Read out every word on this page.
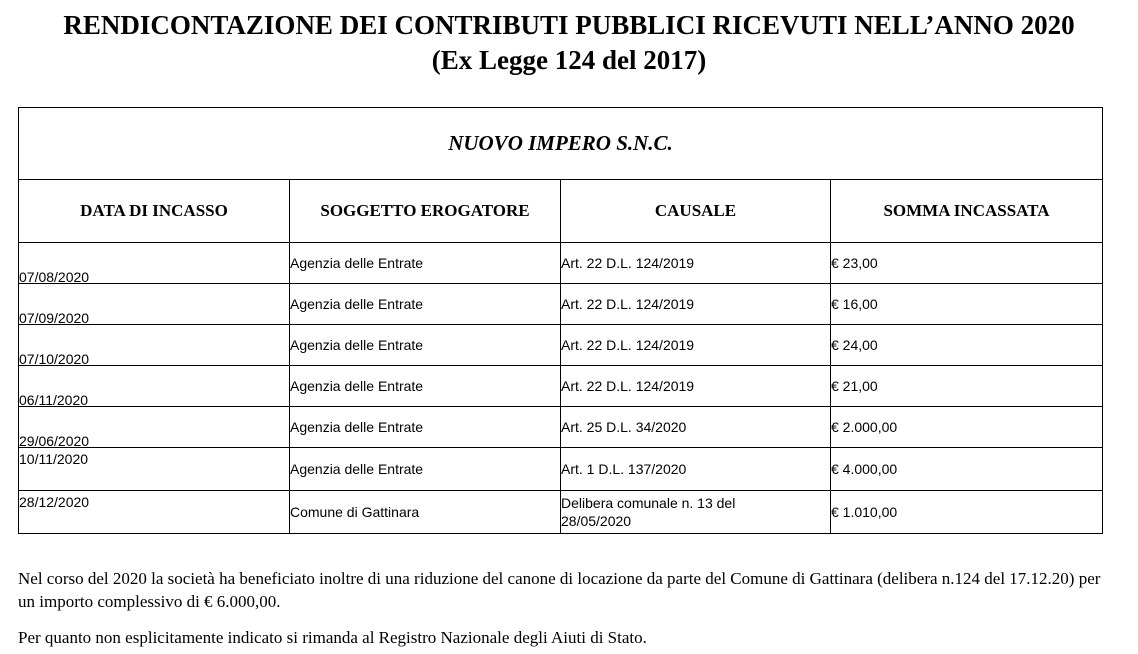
RENDICONTAZIONE DEI CONTRIBUTI PUBBLICI RICEVUTI NELL’ANNO 2020
(Ex Legge 124 del 2017)
NUOVO IMPERO S.N.C.			
DATA DI INCASSO	SOGGETTO EROGATORE	CAUSALE	SOMMA INCASSATA
07/08/2020	Agenzia delle Entrate	Art. 22 D.L. 124/2019	€ 23,00
07/09/2020	Agenzia delle Entrate	Art. 22 D.L. 124/2019	€ 16,00
07/10/2020	Agenzia delle Entrate	Art. 22 D.L. 124/2019	€ 24,00
06/11/2020	Agenzia delle Entrate	Art. 22 D.L. 124/2019	€ 21,00
29/06/2020	Agenzia delle Entrate	Art. 25 D.L. 34/2020	€ 2.000,00
10/11/2020	Agenzia delle Entrate	Art. 1 D.L. 137/2020	€ 4.000,00
28/12/2020	Comune di Gattinara	Delibera comunale n. 13 del 28/05/2020	€ 1.010,00

Nel corso del 2020 la società ha beneficiato inoltre di una riduzione del canone di locazione da parte del Comune di Gattinara (delibera n.124 del 17.12.20) per un importo complessivo di € 6.000,00.

Per quanto non esplicitamente indicato si rimanda al Registro Nazionale degli Aiuti di Stato.
